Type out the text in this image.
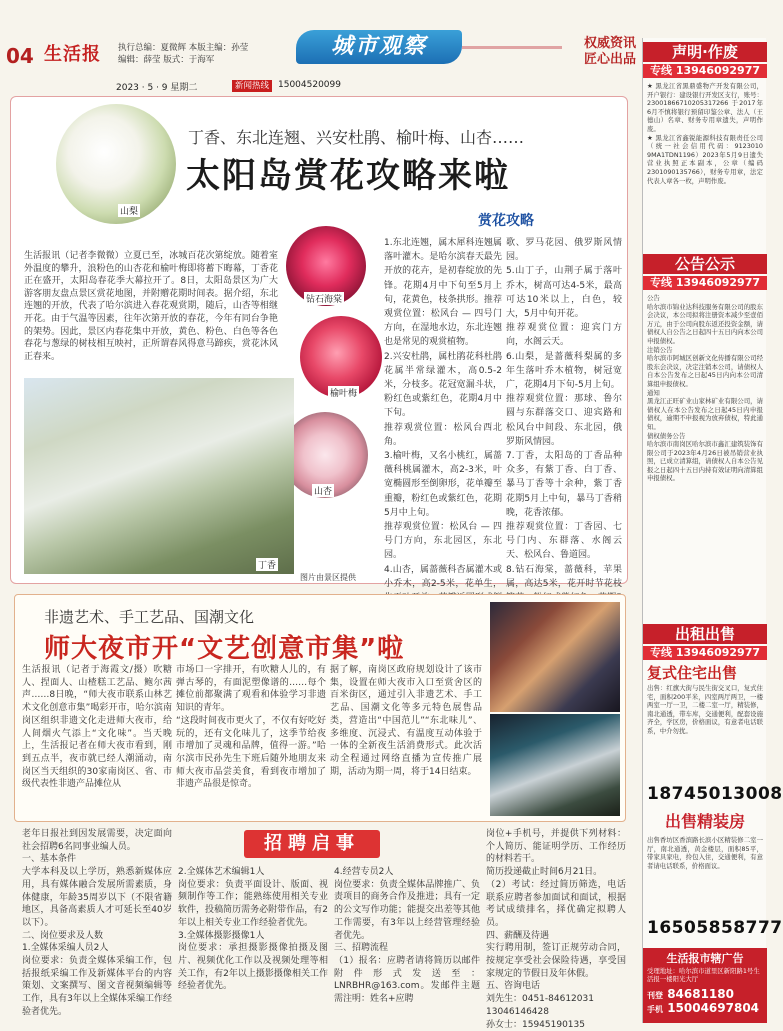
04 生活报 执行总编：夏微辉 本版主编：孙莹
编辑：薛莹 版式：于海军
城市观察	权威资讯
匠心出品
2023 · 5 · 9 星期二	新闻热线 15004520099
山梨
丁香、东北连翘、兴安杜鹃、榆叶梅、山杏……
太阳岛赏花攻略来啦

生活报讯（记者李微微）立夏已至，冰城百花次第绽放。随着室外温度的攀升，浪粉色的山杏花和榆叶梅即将蓄下晦幕，丁香花正在盛开，太阳岛春花季大幕拉开了。8日，太阳岛景区为广大游客朋友盘点景区赏花地图，并附赠花期时间表。据介绍，东北连翘的开放，代表了哈尔滨进入春花观赏期，随后，山杏等相继开花。由于气温等因素，往年次第开放的春花，今年有同台争艳的架势。因此，景区内春花集中开放，黄色、粉色、白色等各色春花与葱绿的树枝相互映衬，正所谓春风得意马蹄疾，赏花沐风正春来。

钻石海棠
榆叶梅
山杏
丁香
图片由景区提供
赏花攻略
1.东北连翘，属木犀科连翘属落叶灌木。是哈尔滨春天最先开放的花卉，是初春绽放的先锋。花期4月中下旬至5月上旬，花黄色，枝条拱形。推荐观赏位置：松风台 — 四号门方向，在湿地水边，东北连翘也是常见的观赏植物。
2.兴安杜鹃，属杜鹃花科杜鹃花属半常绿灌木，高0.5-2米，分枝多。花冠宽漏斗状，粉红色或紫红色，花期4月中下旬。
推荐观赏位置：松风台西北角。
3.榆叶梅，又名小桃红，属蔷薇科桃属灌木，高2-3米，叶宽椭圆形至倒卵形，花单瓣至重瓣，粉红色或紫红色，花期5月中上旬。
推荐观赏位置：松风台 — 四号门方向，东北园区，东北园。
4.山杏，属蔷薇科杏属灌木或小乔木，高2-5米，花单生，

歌、罗马花园、俄罗斯风情园。
5.山丁子，山荆子属于落叶乔木，树高可达4-5米，最高可达10米以上，白色，较大，5月中旬开花。
推荐观赏位置：迎宾门方向，水阁云天。
6.山梨，是蔷薇科梨属的多年生落叶乔木植物，树冠宽广，花期4月下旬-5月上旬。
推荐观赏位置：那球、鲁尔圆与东群落交口、迎宾路和松风台中间段、东北园，俄罗斯风情园。
7.丁香，太阳岛的丁香品种众多，有紫丁香、白丁香、暴马丁香等十余种，紫丁香花期5月上中旬，暴马丁香稍晚，花香浓郁。
推荐观赏位置：丁香园、七号门内、东群落、水阁云天、松风台、鲁道园。
8.钻石海棠，蔷薇科，苹果属，高达5米，花开时节花枝

非遗艺术、手工艺品、国潮文化
师大夜市开“文艺创意市集”啦
生活报讯（记者于海霞文/摄）吹糖人、捏面人、山楂糕工艺品、鲍尔茜声……8日晚，“师大夜市联系山林艺术文化创意市集”喝彩开市，哈尔滨南岗区组织非遗文化走进师大夜市，给人间烟火气添上“文化味”。当天晚上，生活报记者在师大夜市看到，刚到五点半，夜市就已经人潮涌动，南岗区当天组织的30家南岗区、省、市级代表性非遗产品摊位从
市场口一字排开，有吹糖人儿的，有弹古琴的，有面泥塑像谱的……每个摊位前都聚满了观看和体验学习非遗知识的青年。
“这段时间夜市更火了，不仅有好吃好玩的，还有文化味儿了，这季节给夜市增加了灵魂和品牌，值得一游。”哈尔滨市民孙先生下班后随外地朋友来师大夜市品尝美食，看到夜市增加了非遗产品很是惊奇。
据了解，南岗区政府规划设计了该市集，设置在师大夜市入口至赏舍区的百米街区，通过引入非遗艺术、手工艺品、国潮文化等多元特色展售品类，营造出“中国范儿”“东北味儿”、多维度、沉浸式、有温度互动体验于一体的全新夜生活消费形式。此次活动全程通过网络直播为宣传推广展期，活动为期一周，将于14日结束。
招聘启事
老年日报社到因发展需要，决定面向社会招聘6名同事业编人员。
一、基本条件
大学本科及以上学历，熟悉新媒体应用，具有媒体融合发展所需素质，身体健康，年龄35周岁以下（不限省籍地区，具备高素质人才可延长至40岁以下）。
二、岗位要求及人数
1.全媒体采编人员2人
岗位要求：负责全媒体采编工作，包括报纸采编工作及新媒体平台的内容策划、文案撰写、图文音视频编辑等工作，具有3年以上全媒体采编工作经验者优先。
2.全媒体艺术编辑1人
岗位要求：负责平面设计、版面、视频制作等工作；能熟练使用相关专业软件，投稿简历需务必附带作品，有2年以上相关专业工作经验者优先。
3.全媒体摄影摄像1人
岗位要求：承担摄影摄像拍摄及图片、视频优化工作以及视频处理等相关工作，有2年以上摄影摄像相关工作经验者优先。
4.经营专员2人
岗位要求：负责全媒体品牌推广、负责项目的商务合作及推进；具有一定的公文写作功能；能提交出差等其他工作需要，有3年以上经营管理经验者优先。
三、招聘流程
（1）报名：应聘者请将简历以邮件附件形式发送至：LNRBHR@163.com。发邮件主题需注明：姓名+应聘
岗位+手机号，并提供下列材料：个人简历、能证明学历、工作经历的材料若干。
简历投递截止时间6月21日。
（2）考试：经过简历筛选，电话联系应聘者参加面试和面试，根据考试成绩排名，择优确定拟聘人员。
四、薪酬及待遇
实行聘用制，签订正规劳动合同，按规定享受社会保险待遇，享受国家规定的节假日及年休假。
五、咨询电话
刘先生：0451-84612031
13046146428
孙女士：15945190135
声明·作废
专线 13946092977
★ 黑龙江省黑鼎盛物产开发有限公司，开户银行：建设银行开发区支行，账号：23001866710205317266 于2017年6月不慎将银行预留印鉴公章、法人（王德山）名章、财务专用章遗失，声明作废。
★ 黑龙江省鑫锐能源科技有限责任公司（统一社会信用代码：9123010 9MA1TDN1196）2023年5月9日遗失营业执照正本副本，公章（编码2301090135766），财务专用章，法定代表人章各一枚，声明作废。
公告公示
专线 13946092977
公告
哈尔滨市锦业达科技服务有限公司的股东会决议，本公司拟将注册资本减少至壹佰万元，由于公司向股东返还投资金额，请债权人自公告之日起四十五日内向本公司申报债权。
注销公告
哈尔滨市阿城区创新文化传播有限公司经股东会决议，决定注销本公司，请债权人自本公告发布之日起45日内向本公司清算组申报债权。
通知
黑龙江正旺矿业山家林矿业有限公司，请债权人在本公告发布之日起45日内申报债权，逾期不申报视为放弃债权，特此通知。
债权债务公告
哈尔滨市南岗区哈尔滨市鑫汇建筑装饰有限公司于2023年4月26日被吊销营业执照，已成立清算组，请债权人自本公告见报之日起四十五日内持有效证明向清算组申报债权。
出租出售
专线 13946092977
复式住宅出售
出售：红旗大街与民生街交叉口，复式住宅，面积200平米，四室两厅两卫，一楼两室一厅一卫，二楼二室一厅，精装修，南北通透，带车库，交通便利，配套设施齐全，学区房，价格面议，有意者电话联系，中介勿扰。
18745013008
出售精装房
出售香坊区香滨路长滨小区精装修二室一厅，南北通透，黄金楼层，面积85平，带家具家电，拎包入住，交通便利，有意者请电话联系，价格面议。
16505858777
生活报市辖广告
受理地址：哈尔滨市道里区新阳路1号生活报一楼阳光大厅
刊登 84681180
手机 15004697804
